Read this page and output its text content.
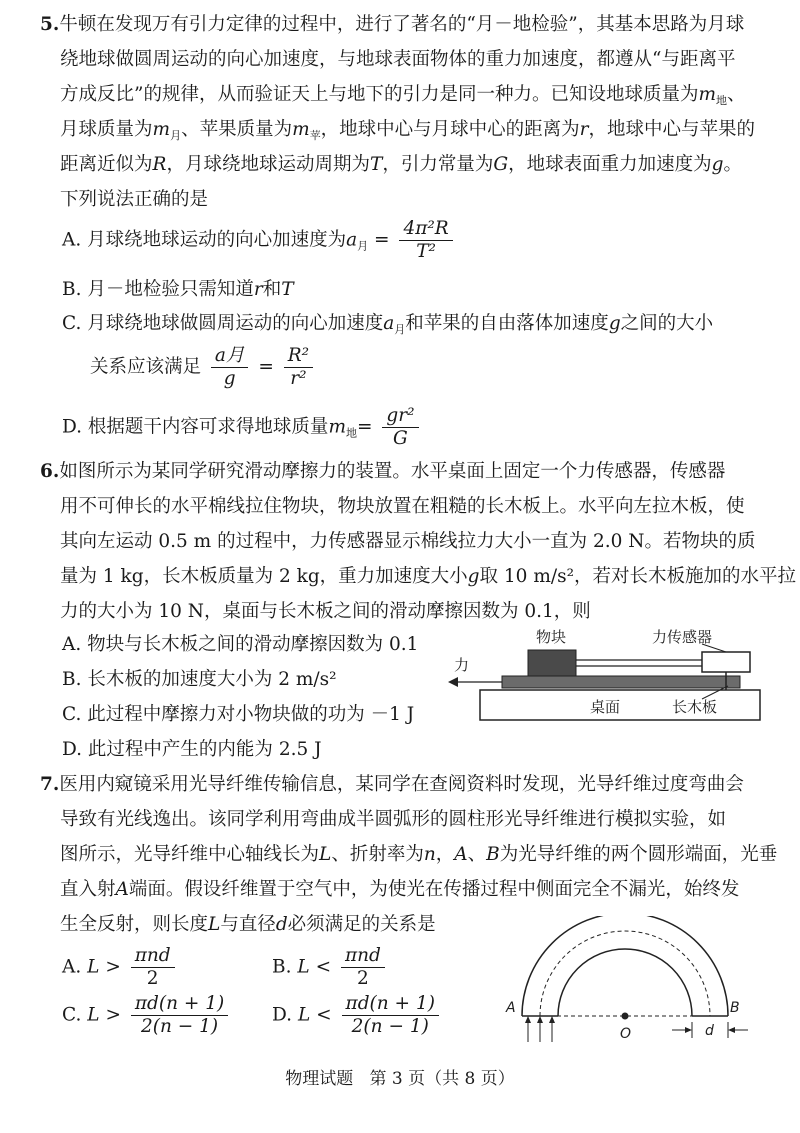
5.牛顿在发现万有引力定律的过程中，进行了著名的“月－地检验”，其基本思路为月球
绕地球做圆周运动的向心加速度，与地球表面物体的重力加速度，都遵从“与距离平
方成反比”的规律，从而验证天上与地下的引力是同一种力。已知设地球质量为$m_地$、
月球质量为$m_月$、苹果质量为$m_苹$，地球中心与月球中心的距离为r，地球中心与苹果的
距离近似为R，月球绕地球运动周期为T，引力常量为G，地球表面重力加速度为g。
下列说法正确的是
A. 月球绕地球运动的向心加速度为$a_月 = \frac{\text{4π²R}}{\text{T²}}$
B. 月－地检验只需知道r和T
C. 月球绕地球做圆周运动的向心加速度$a_月$和苹果的自由落体加速度g之间的大小
关系应该满足 $\frac{\text{a月}}{g} = \frac{\text{R²}}{\text{r²}}$
D. 根据题干内容可求得地球质量$m_地= \frac{\text{gr²}}{G}$
6.如图所示为某同学研究滑动摩擦力的装置。水平桌面上固定一个力传感器，传感器
用不可伸长的水平棉线拉住物块，物块放置在粗糙的长木板上。水平向左拉木板，使
其向左运动 0.5 m 的过程中，力传感器显示棉线拉力大小一直为 2.0 N。若物块的质
量为 1 kg，长木板质量为 2 kg，重力加速度大小g取 10 m/s²，若对长木板施加的水平拉
力的大小为 10 N，桌面与长木板之间的滑动摩擦因数为 0.1，则
A. 物块与长木板之间的滑动摩擦因数为 0.1
B. 长木板的加速度大小为 2 m/s²
C. 此过程中摩擦力对小物块做的功为 －1 J
D. 此过程中产生的内能为 2.5 J
桌面	长木板
物块	力传感器
力
7.医用内窥镜采用光导纤维传输信息，某同学在查阅资料时发现，光导纤维过度弯曲会
导致有光线逸出。该同学利用弯曲成半圆弧形的圆柱形光导纤维进行模拟实验，如
图所示，光导纤维中心轴线长为L、折射率为n，A、B为光导纤维的两个圆形端面，光垂
直入射A端面。假设纤维置于空气中，为使光在传播过程中侧面完全不漏光，始终发
生全反射，则长度L与直径d必须满足的关系是
A. $L > \frac{\text{πnd}}{2}$	B. $L < \frac{\text{πnd}}{2}$
C. $L > \frac{\pi d(n + 1)}{2(n - 1)} D$. $L < \frac{\pi d(n + 1)}{2(n - 1)}$	O
A	B
d
物理试题 第 3 页（共 8 页）
